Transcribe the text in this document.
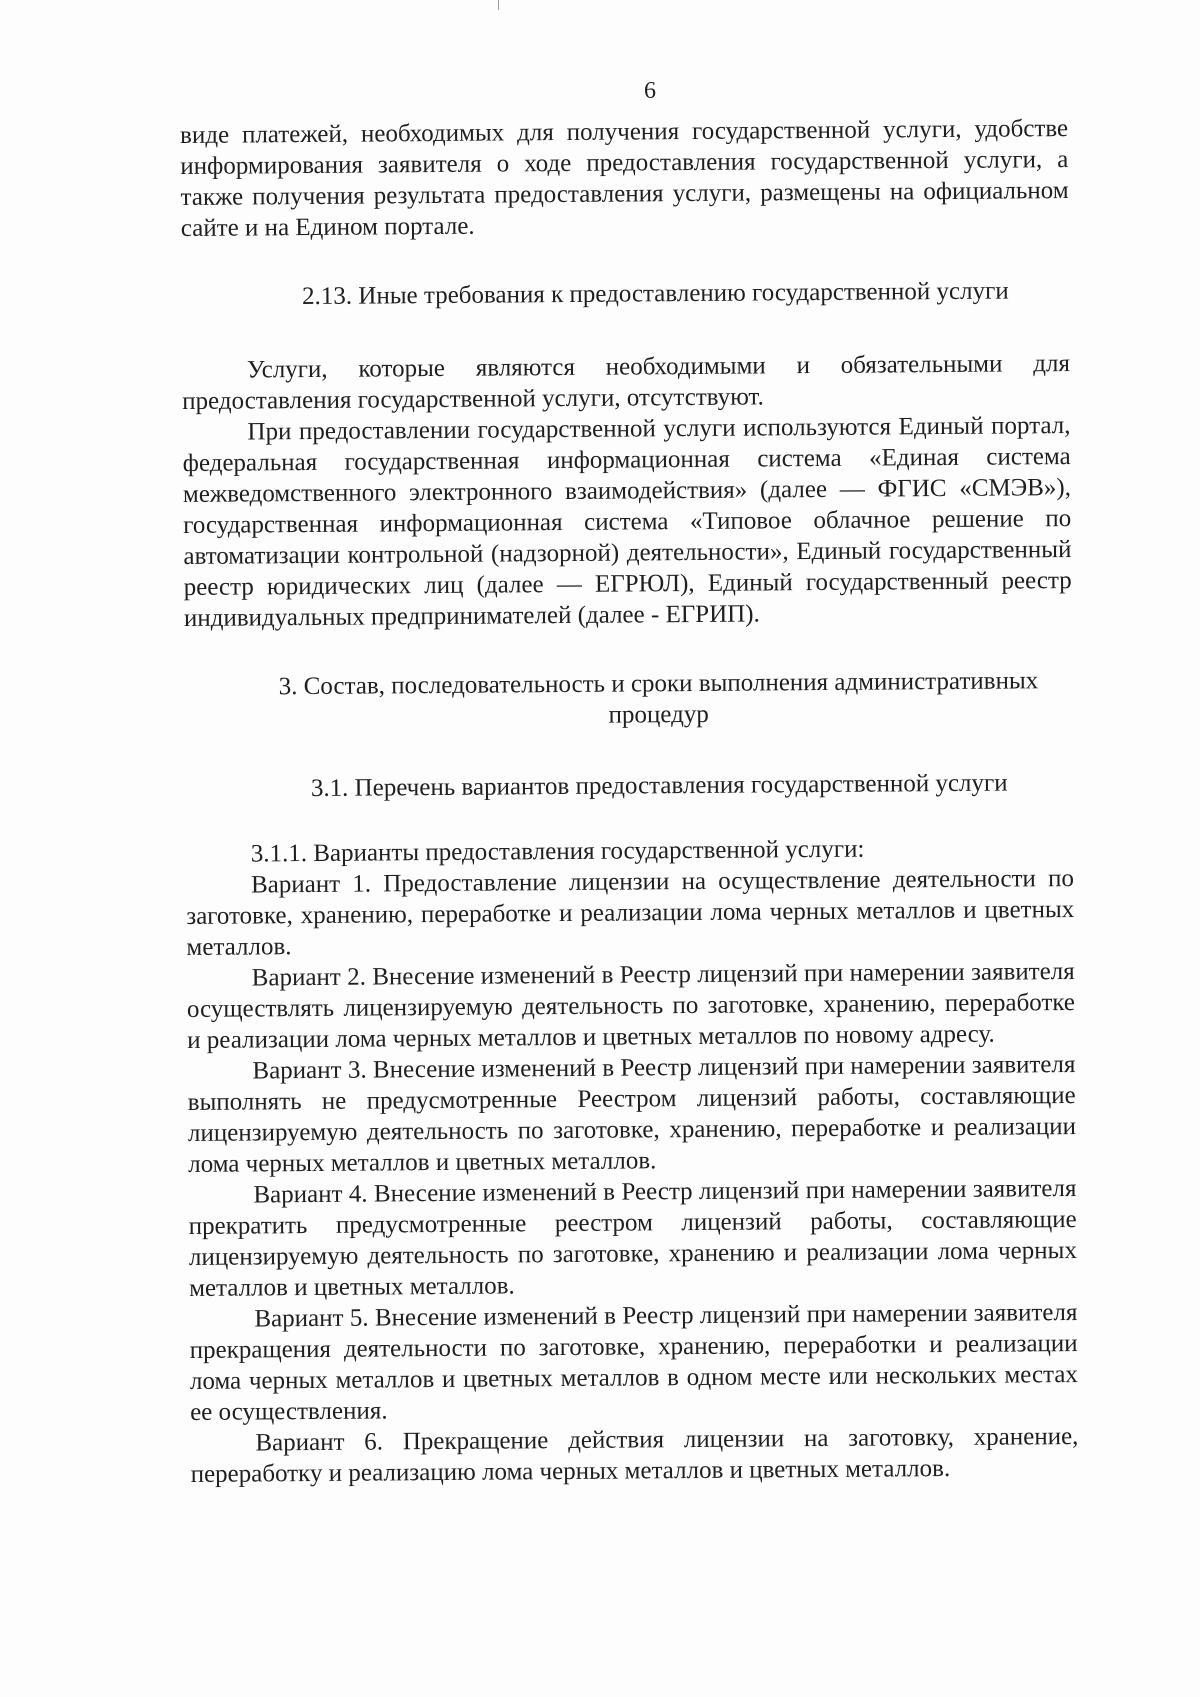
6

виде платежей, необходимых для получения государственной услуги, удобстве информирования заявителя о ходе предоставления государственной услуги, а также получения результата предоставления услуги, размещены на официальном сайте и на Едином портале.

2.13. Иные требования к предоставлению государственной услуги

Услуги, которые являются необходимыми и обязательными для предоставления государственной услуги, отсутствуют.

При предоставлении государственной услуги используются Единый портал, федеральная государственная информационная система «Единая система межведомственного электронного взаимодействия» (далее — ФГИС «СМЭВ»), государственная информационная система «Типовое облачное решение по автоматизации контрольной (надзорной) деятельности», Единый государственный реестр юридических лиц (далее — ЕГРЮЛ), Единый государственный реестр индивидуальных предпринимателей (далее - ЕГРИП).

3. Состав, последовательность и сроки выполнения административных процедур

3.1. Перечень вариантов предоставления государственной услуги

3.1.1. Варианты предоставления государственной услуги:

Вариант 1. Предоставление лицензии на осуществление деятельности по заготовке, хранению, переработке и реализации лома черных металлов и цветных металлов.

Вариант 2. Внесение изменений в Реестр лицензий при намерении заявителя осуществлять лицензируемую деятельность по заготовке, хранению, переработке и реализации лома черных металлов и цветных металлов по новому адресу.

Вариант 3. Внесение изменений в Реестр лицензий при намерении заявителя выполнять не предусмотренные Реестром лицензий работы, составляющие лицензируемую деятельность по заготовке, хранению, переработке и реализации лома черных металлов и цветных металлов.

Вариант 4. Внесение изменений в Реестр лицензий при намерении заявителя прекратить предусмотренные реестром лицензий работы, составляющие лицензируемую деятельность по заготовке, хранению и реализации лома черных металлов и цветных металлов.

Вариант 5. Внесение изменений в Реестр лицензий при намерении заявителя прекращения деятельности по заготовке, хранению, переработки и реализации лома черных металлов и цветных металлов в одном месте или нескольких местах ее осуществления.

Вариант 6. Прекращение действия лицензии на заготовку, хранение, переработку и реализацию лома черных металлов и цветных металлов.
